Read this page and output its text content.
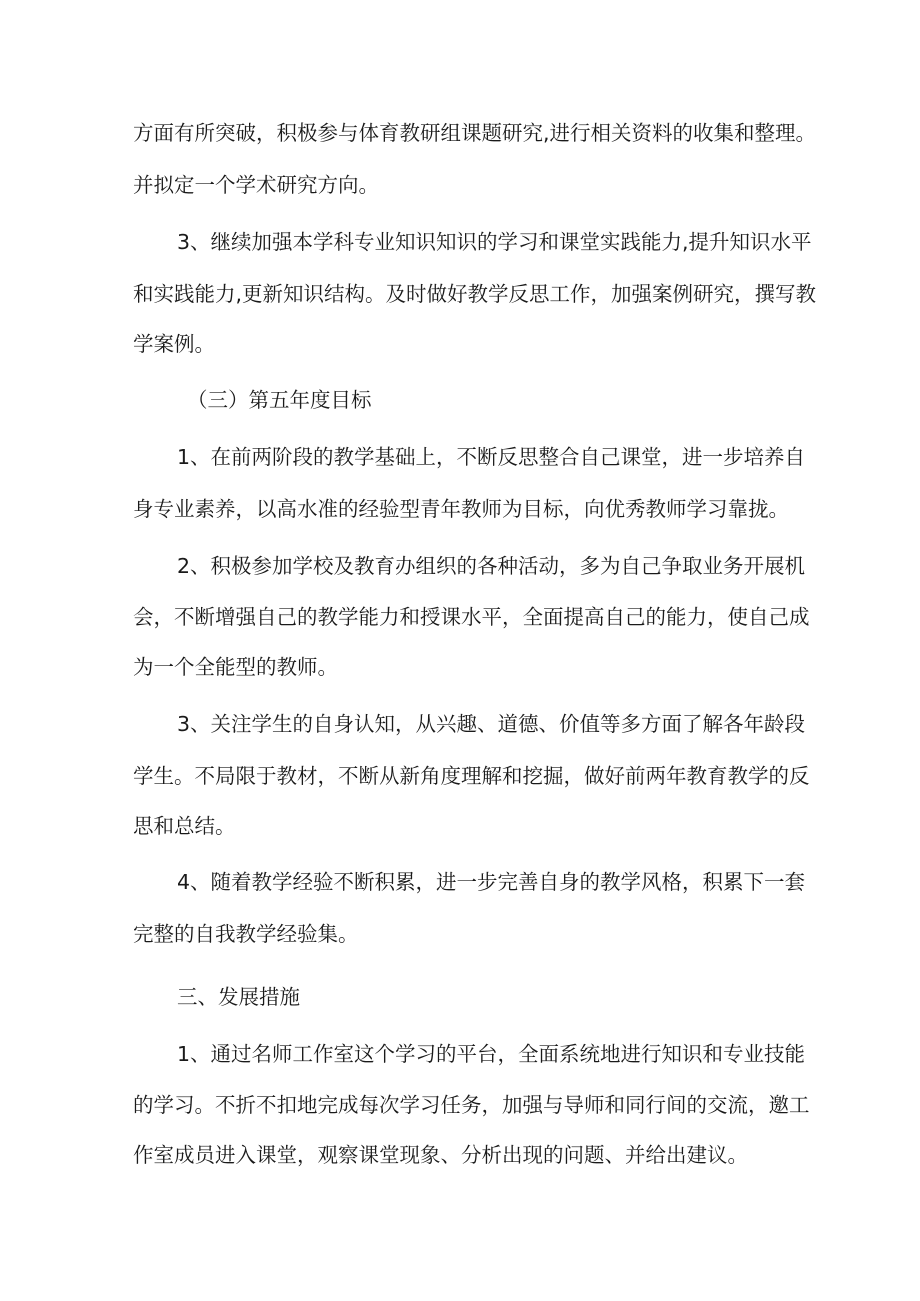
方面有所突破，积极参与体育教研组课题研究,进行相关资料的收集和整理。

并拟定一个学术研究方向。

3、继续加强本学科专业知识知识的学习和课堂实践能力,提升知识水平

和实践能力,更新知识结构。及时做好教学反思工作，加强案例研究，撰写教

学案例。

（三）第五年度目标

1、在前两阶段的教学基础上，不断反思整合自己课堂，进一步培养自

身专业素养，以高水准的经验型青年教师为目标，向优秀教师学习靠拢。

2、积极参加学校及教育办组织的各种活动，多为自己争取业务开展机

会，不断增强自己的教学能力和授课水平，全面提高自己的能力，使自己成

为一个全能型的教师。

3、关注学生的自身认知，从兴趣、道德、价值等多方面了解各年龄段

学生。不局限于教材，不断从新角度理解和挖掘，做好前两年教育教学的反

思和总结。

4、随着教学经验不断积累，进一步完善自身的教学风格，积累下一套

完整的自我教学经验集。

三、发展措施

1、通过名师工作室这个学习的平台，全面系统地进行知识和专业技能

的学习。不折不扣地完成每次学习任务，加强与导师和同行间的交流，邀工

作室成员进入课堂，观察课堂现象、分析出现的问题、并给出建议。
